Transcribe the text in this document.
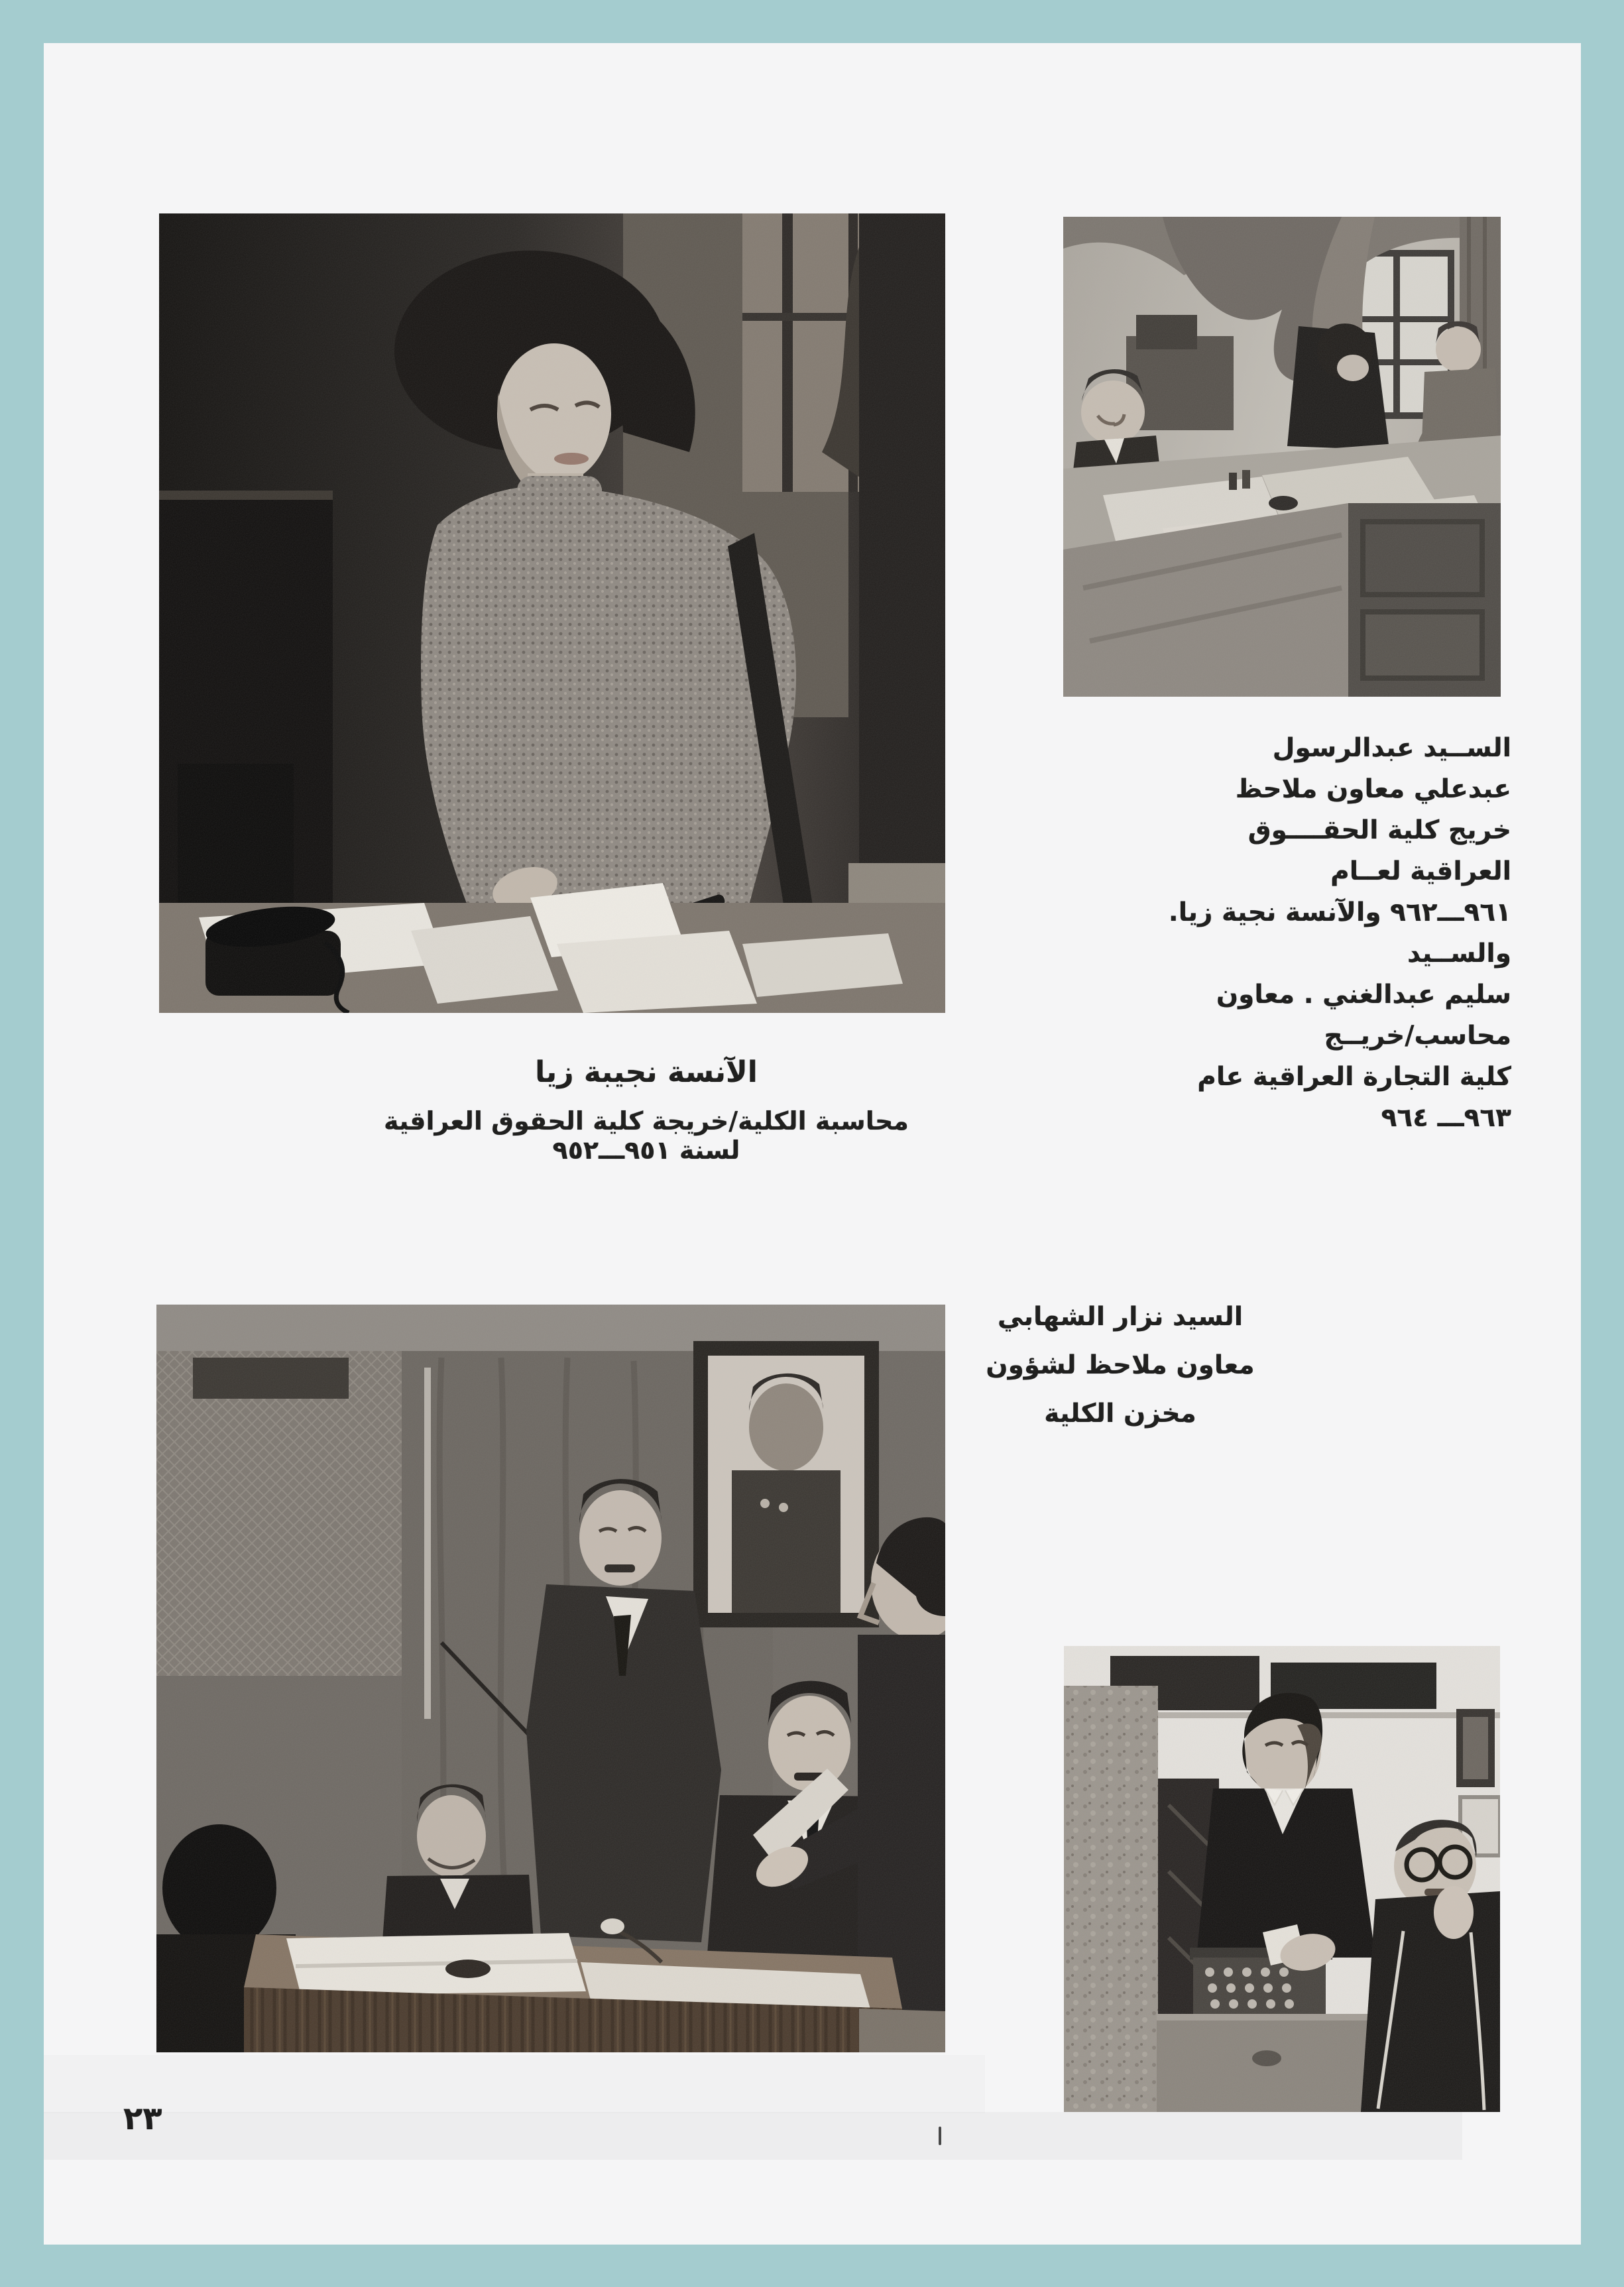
الســيد عبدالرسول عبدعلي معاون ملاحظ
خريج كلية الحقــــوق العراقية لعــام
٩٦١ـــ٩٦٢ والآنسة نجية زيا. والســيد
سليم عبدالغني . معاون محاسب/خريــج
كلية التجارة العراقية عام ٩٦٣ـــ ٩٦٤
الآنسة نجيبة زيا
محاسبة الكلية/خريجة كلية الحقوق العراقية لسنة ٩٥١ـــ٩٥٢
السيد نزار الشهابي
معاون ملاحظ لشؤون
مخزن الكلية
٢٣
